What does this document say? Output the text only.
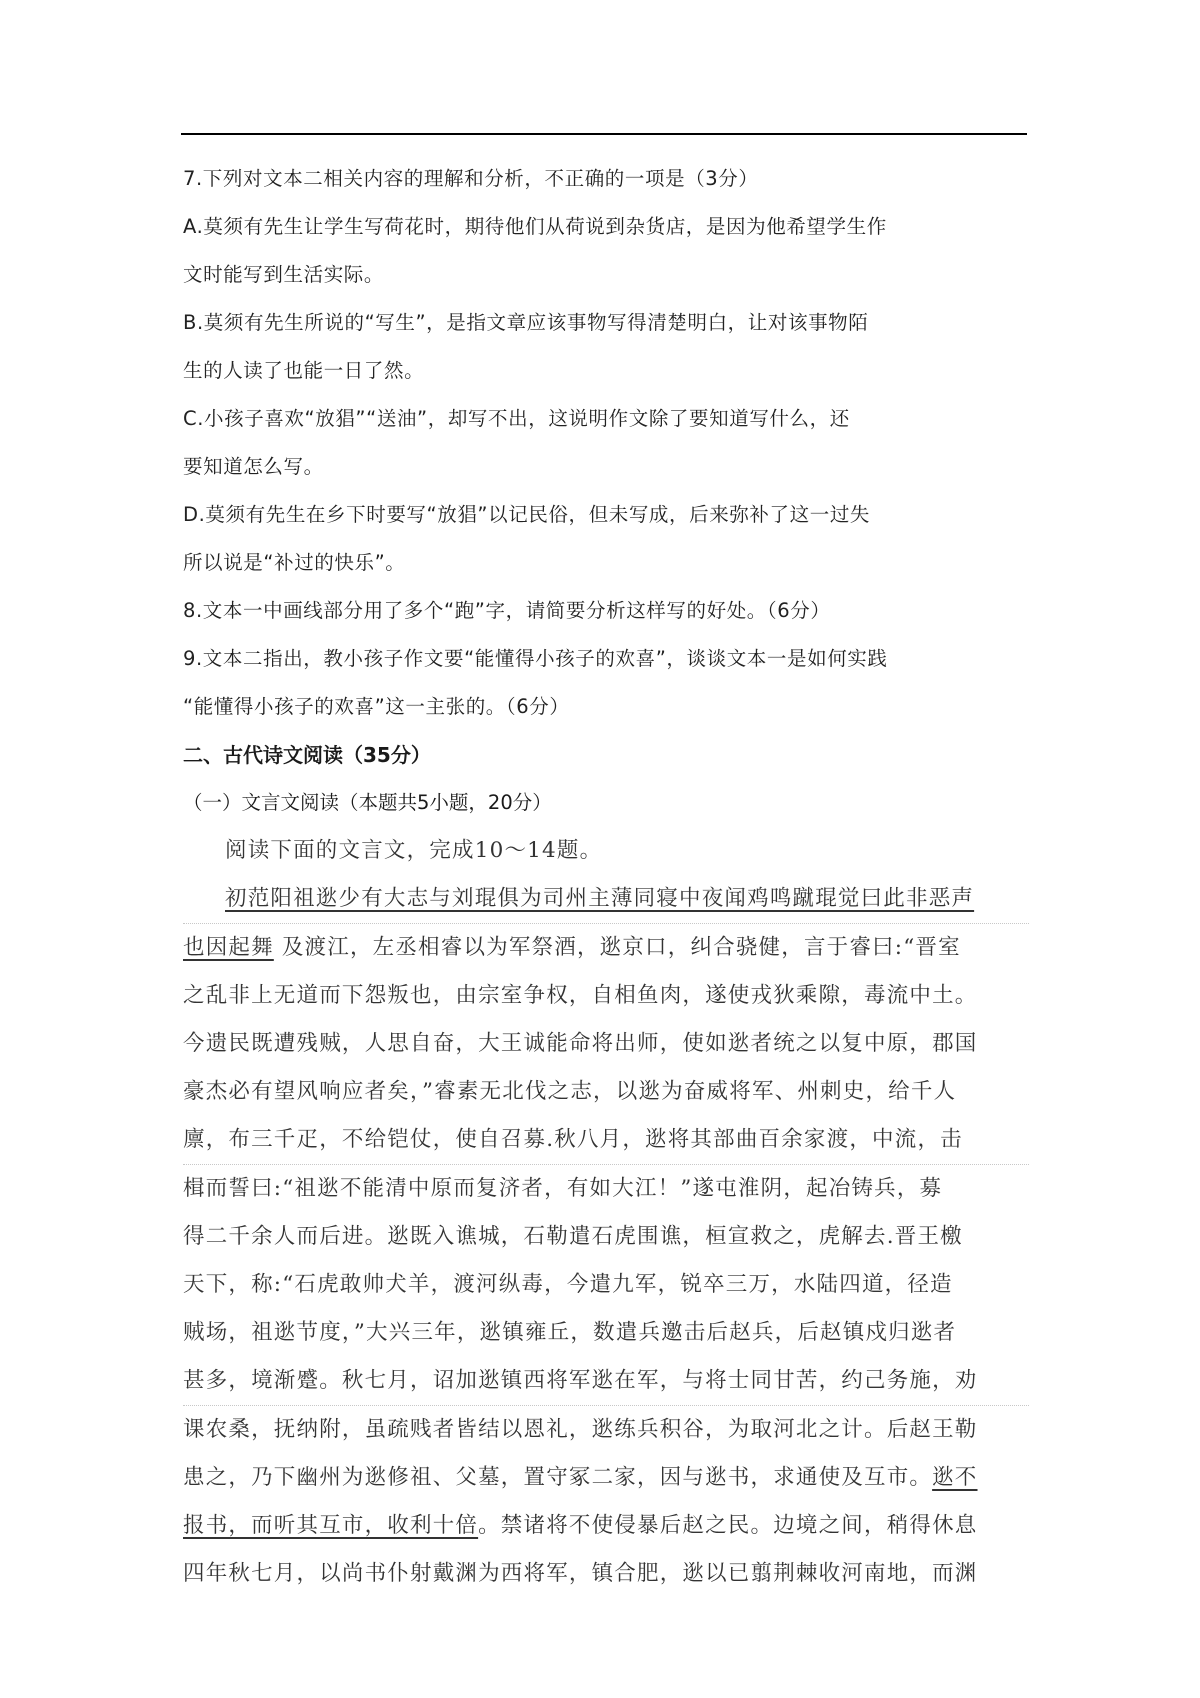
7.下列对文本二相关内容的理解和分析，不正确的一项是（3分）
A.莫须有先生让学生写荷花时，期待他们从荷说到杂货店，是因为他希望学生作
文时能写到生活实际。
B.莫须有先生所说的“写生”，是指文章应该事物写得清楚明白，让对该事物陌
生的人读了也能一日了然。
C.小孩子喜欢“放猖”“送油”，却写不出，这说明作文除了要知道写什么，还
要知道怎么写。
D.莫须有先生在乡下时要写“放猖”以记民俗，但未写成，后来弥补了这一过失
所以说是“补过的快乐”。
8.文本一中画线部分用了多个“跑”字，请简要分析这样写的好处。（6分）
9.文本二指出，教小孩子作文要“能懂得小孩子的欢喜”，谈谈文本一是如何实践
“能懂得小孩子的欢喜”这一主张的。（6分）
二、古代诗文阅读（35分）
（一）文言文阅读（本题共5小题，20分）
阅读下面的文言文，完成10～14题。
初范阳祖逖少有大志与刘琨俱为司州主薄同寝中夜闻鸡鸣蹴琨觉曰此非恶声
也因起舞 及渡江，左丞相睿以为军祭酒，逖京口，纠合骁健，言于睿曰:“晋室
之乱非上无道而下怨叛也，由宗室争权，自相鱼肉，遂使戎狄乘隙，毒流中土。
今遗民既遭残贼，人思自奋，大王诚能命将出师，使如逖者统之以复中原，郡国
豪杰必有望风响应者矣，”睿素无北伐之志，以逖为奋威将军、州刺史，给千人
廪，布三千疋，不给铠仗，使自召募.秋八月，逖将其部曲百余家渡，中流，击
楫而誓曰:“祖逖不能清中原而复济者，有如大江！”遂屯淮阴，起冶铸兵，募
得二千余人而后进。逖既入谯城，石勒遣石虎围谯，桓宣救之，虎解去.晋王檄
天下，称:“石虎敢帅犬羊，渡河纵毒，今遣九军，锐卒三万，水陆四道，径造
贼场，祖逖节度，”大兴三年，逖镇雍丘，数遣兵邀击后赵兵，后赵镇戍归逖者
甚多，境渐蹙。秋七月，诏加逖镇西将军逖在军，与将士同甘苦，约己务施，劝
课农桑，抚纳附，虽疏贱者皆结以恩礼，逖练兵积谷，为取河北之计。后赵王勒
患之，乃下幽州为逖修祖、父墓，置守冢二家，因与逖书，求通使及互市。逖不
报书，而听其互市，收利十倍。禁诸将不使侵暴后赵之民。边境之间，稍得休息
四年秋七月，以尚书仆射戴渊为西将军，镇合肥，逖以已翦荆棘收河南地，而渊
